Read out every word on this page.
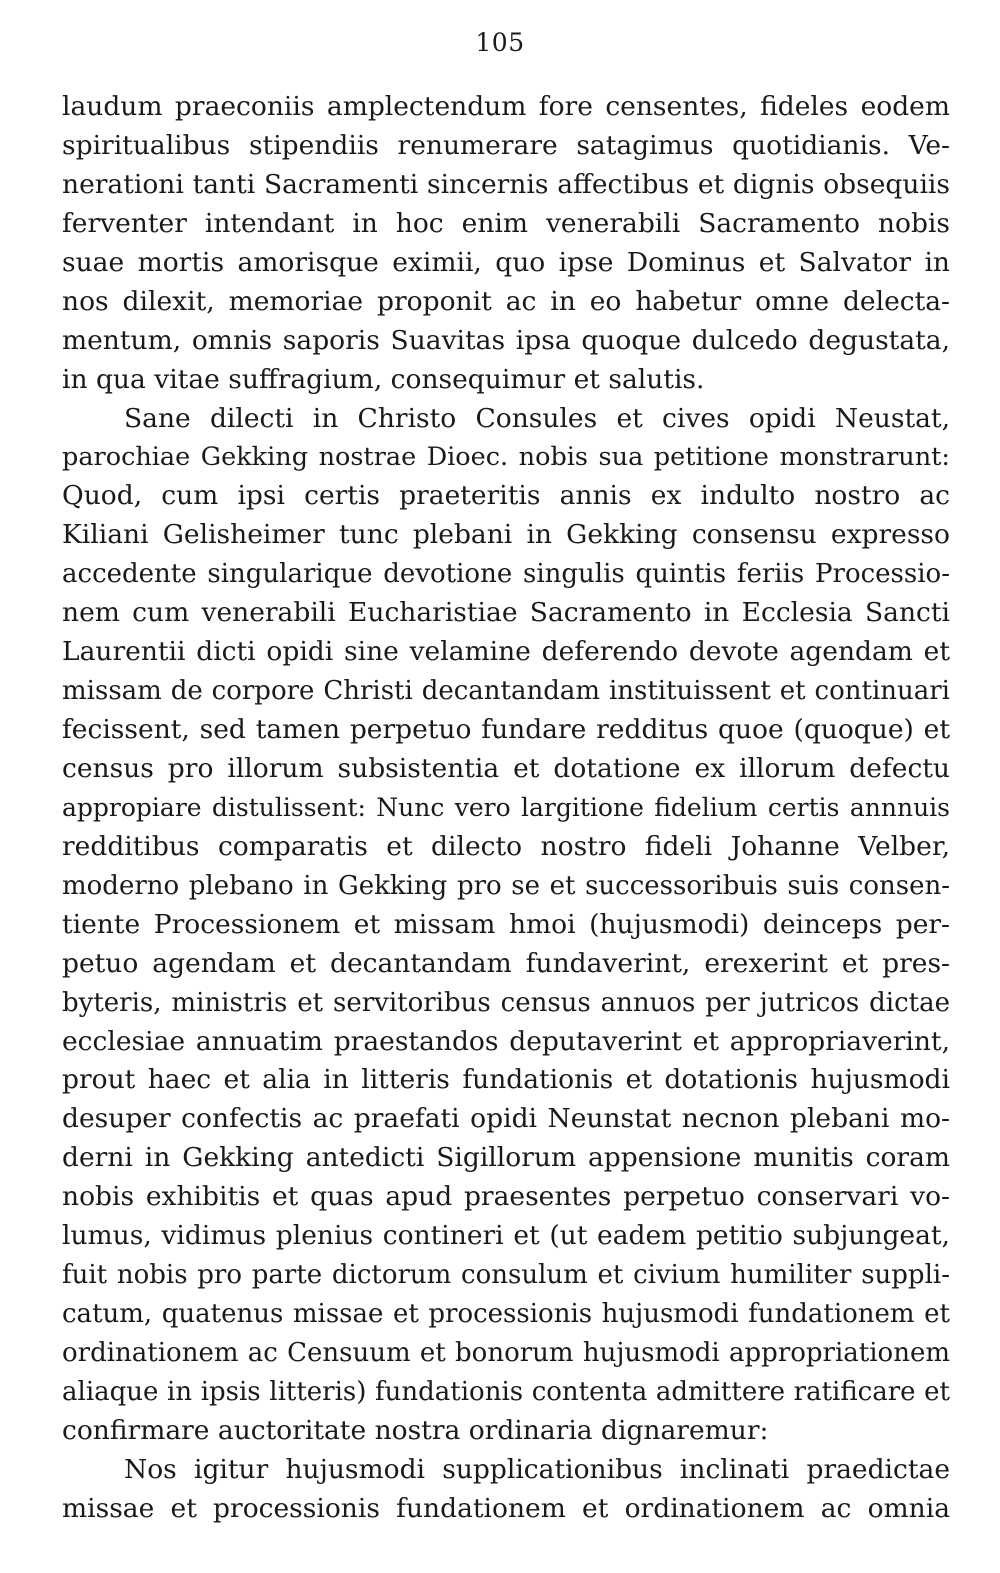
105
laudum praeconiis amplectendum fore censentes, fideles eodem
spiritualibus stipendiis renumerare satagimus quotidianis. Ve-
nerationi tanti Sacramenti sincernis affectibus et dignis obsequiis
ferventer intendant in hoc enim venerabili Sacramento nobis
suae mortis amorisque eximii, quo ipse Dominus et Salvator in
nos dilexit, memoriae proponit ac in eo habetur omne delecta-
mentum, omnis saporis Suavitas ipsa quoque dulcedo degustata,
in qua vitae suffragium, consequimur et salutis.
Sane dilecti in Christo Consules et cives opidi Neustat,
parochiae Gekking nostrae Dioec. nobis sua petitione monstrarunt:
Quod, cum ipsi certis praeteritis annis ex indulto nostro ac
Kiliani Gelisheimer tunc plebani in Gekking consensu expresso
accedente singularique devotione singulis quintis feriis Processio-
nem cum venerabili Eucharistiae Sacramento in Ecclesia Sancti
Laurentii dicti opidi sine velamine deferendo devote agendam et
missam de corpore Christi decantandam instituissent et continuari
fecissent, sed tamen perpetuo fundare redditus quoe (quoque) et
census pro illorum subsistentia et dotatione ex illorum defectu
appropiare distulissent: Nunc vero largitione fidelium certis annnuis
redditibus comparatis et dilecto nostro fideli Johanne Velber,
moderno plebano in Gekking pro se et successoribuis suis consen-
tiente Processionem et missam hmoi (hujusmodi) deinceps per-
petuo agendam et decantandam fundaverint, erexerint et pres-
byteris, ministris et servitoribus census annuos per jutricos dictae
ecclesiae annuatim praestandos deputaverint et appropriaverint,
prout haec et alia in litteris fundationis et dotationis hujusmodi
desuper confectis ac praefati opidi Neunstat necnon plebani mo-
derni in Gekking antedicti Sigillorum appensione munitis coram
nobis exhibitis et quas apud praesentes perpetuo conservari vo-
lumus, vidimus plenius contineri et (ut eadem petitio subjungeat,
fuit nobis pro parte dictorum consulum et civium humiliter suppli-
catum, quatenus missae et processionis hujusmodi fundationem et
ordinationem ac Censuum et bonorum hujusmodi appropriationem
aliaque in ipsis litteris) fundationis contenta admittere ratificare et
confirmare auctoritate nostra ordinaria dignaremur:
Nos igitur hujusmodi supplicationibus inclinati praedictae
missae et processionis fundationem et ordinationem ac omnia
